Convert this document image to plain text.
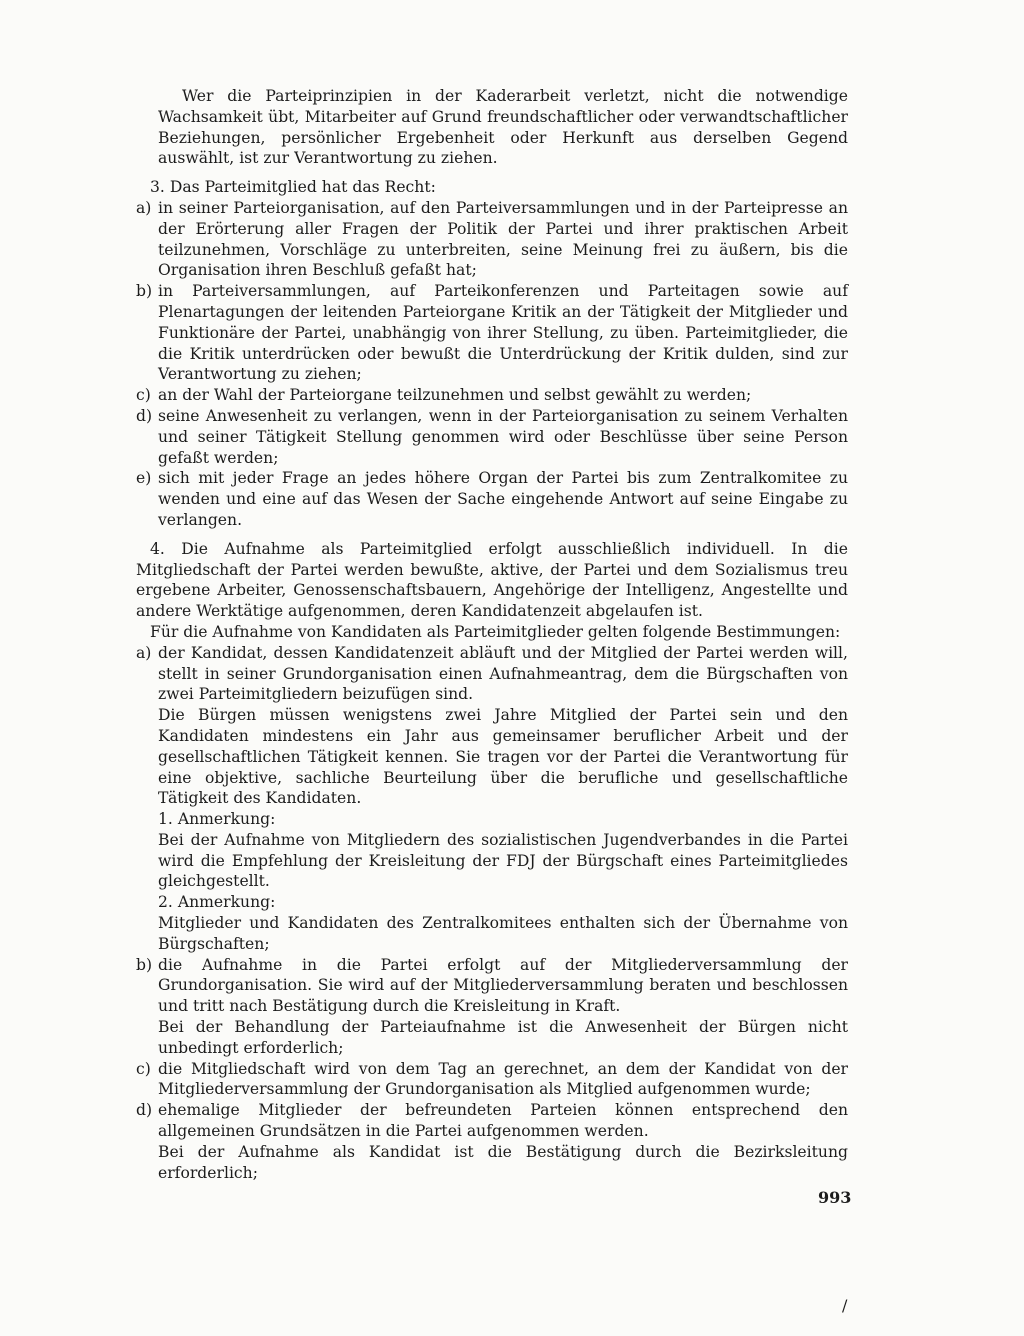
Wer die Parteiprinzipien in der Kaderarbeit verletzt, nicht die notwendige Wachsamkeit übt, Mitarbeiter auf Grund freundschaftlicher oder verwandtschaftlicher Beziehungen, persönlicher Ergebenheit oder Herkunft aus derselben Gegend auswählt, ist zur Verantwortung zu ziehen.

3. Das Parteimitglied hat das Recht:

a) in seiner Parteiorganisation, auf den Parteiversammlungen und in der Parteipresse an der Erörterung aller Fragen der Politik der Partei und ihrer praktischen Arbeit teilzunehmen, Vorschläge zu unterbreiten, seine Meinung frei zu äußern, bis die Organisation ihren Beschluß gefaßt hat;

b) in Parteiversammlungen, auf Parteikonferenzen und Parteitagen sowie auf Plenartagungen der leitenden Parteiorgane Kritik an der Tätigkeit der Mitglieder und Funktionäre der Partei, unabhängig von ihrer Stellung, zu üben. Parteimitglieder, die die Kritik unterdrücken oder bewußt die Unterdrückung der Kritik dulden, sind zur Verantwortung zu ziehen;

c) an der Wahl der Parteiorgane teilzunehmen und selbst gewählt zu werden;

d) seine Anwesenheit zu verlangen, wenn in der Parteiorganisation zu seinem Verhalten und seiner Tätigkeit Stellung genommen wird oder Beschlüsse über seine Person gefaßt werden;

e) sich mit jeder Frage an jedes höhere Organ der Partei bis zum Zentralkomitee zu wenden und eine auf das Wesen der Sache eingehende Antwort auf seine Eingabe zu verlangen.

4. Die Aufnahme als Parteimitglied erfolgt ausschließlich individuell. In die Mitgliedschaft der Partei werden bewußte, aktive, der Partei und dem Sozialismus treu ergebene Arbeiter, Genossenschaftsbauern, Angehörige der Intelligenz, Angestellte und andere Werktätige aufgenommen, deren Kandidatenzeit abgelaufen ist.

Für die Aufnahme von Kandidaten als Parteimitglieder gelten folgende Bestimmungen:

a) der Kandidat, dessen Kandidatenzeit abläuft und der Mitglied der Partei werden will, stellt in seiner Grundorganisation einen Aufnahmeantrag, dem die Bürgschaften von zwei Parteimitgliedern beizufügen sind.

Die Bürgen müssen wenigstens zwei Jahre Mitglied der Partei sein und den Kandidaten mindestens ein Jahr aus gemeinsamer beruflicher Arbeit und der gesellschaftlichen Tätigkeit kennen. Sie tragen vor der Partei die Verantwortung für eine objektive, sachliche Beurteilung über die berufliche und gesellschaftliche Tätigkeit des Kandidaten.

1. Anmerkung:

Bei der Aufnahme von Mitgliedern des sozialistischen Jugendverbandes in die Partei wird die Empfehlung der Kreisleitung der FDJ der Bürgschaft eines Parteimitgliedes gleichgestellt.

2. Anmerkung:

Mitglieder und Kandidaten des Zentralkomitees enthalten sich der Übernahme von Bürgschaften;

b) die Aufnahme in die Partei erfolgt auf der Mitgliederversammlung der Grundorganisation. Sie wird auf der Mitgliederversammlung beraten und beschlossen und tritt nach Bestätigung durch die Kreisleitung in Kraft.

Bei der Behandlung der Parteiaufnahme ist die Anwesenheit der Bürgen nicht unbedingt erforderlich;

c) die Mitgliedschaft wird von dem Tag an gerechnet, an dem der Kandidat von der Mitgliederversammlung der Grundorganisation als Mitglied aufgenommen wurde;

d) ehemalige Mitglieder der befreundeten Parteien können entsprechend den allgemeinen Grundsätzen in die Partei aufgenommen werden.

Bei der Aufnahme als Kandidat ist die Bestätigung durch die Bezirksleitung erforderlich;

993
/
